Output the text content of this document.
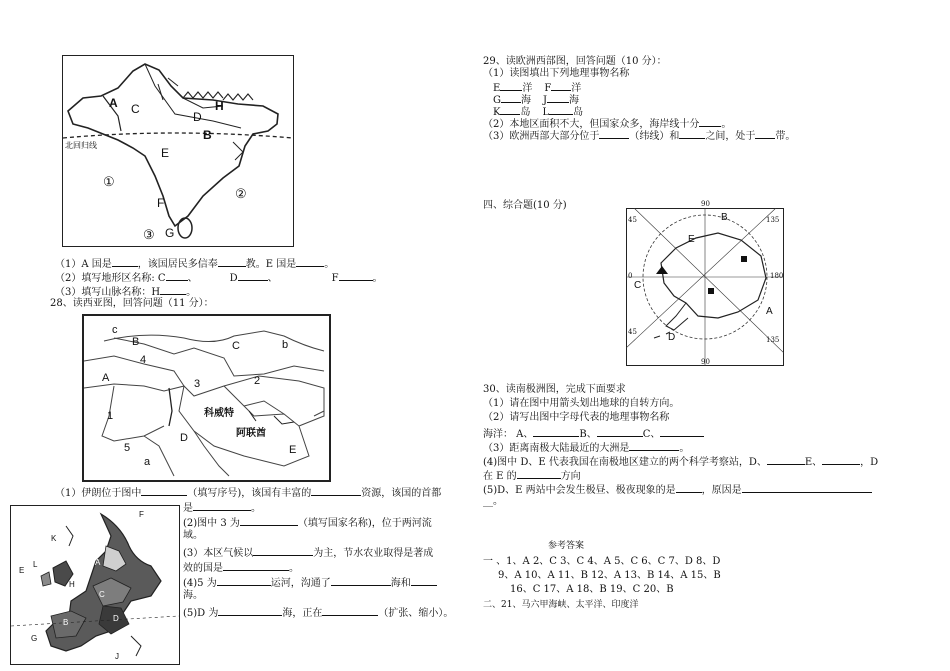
A C
D
H
B
E
北回归线
①
②
F
③ G
（1）A 国是	，该国居民多信奉	教。E 国是	。
（2）填写地形区名称: C 、	D	、	F	。
（3）填写山脉名称：H	。
28、读西亚图，回答问题（11 分）：
c
B	C	b
4
A	3	2
科威特
1
阿联酋
D
5	E
a
（1）伊朗位于图中	（填写序号)，该国有丰富的	资源，该国的首都
是	。
(2)图中 3 为	（填写国家名称)，位于两河流
域。
(3）本区气候以	为主，节水农业取得是著成
效的国是	。
(4)5 为	运河，沟通了	海和
海。
(5)D 为	海，正在	（扩张、缩小）。
F
K
E
L	A
H
C
B	D
G
J
29、读欧洲西部图，回答问题（10 分）：
（1）读图填出下列地理事物名称
E 洋 F 洋
G 海 J 海
K 岛 L 岛
（2）本地区面积不大，但国家众多，海岸线十分 。
（3）欧洲西部大部分位于	（纬线）和	之间，处于 带。
四、综合题(10 分)	90
135
45
0	180
45
90
135
B
E
C
A
D
30、读南极洲图，完成下面要求
（1）请在图中用箭头划出地球的自转方向。
（2）请写出图中字母代表的地理事物名称
海洋： A、	B、	C、
（3）距离南极大陆最近的大洲是	。
(4)图中 D、E 代表我国在南极地区建立的两个科学考察站，D、	E、	，D
在 E 的	方向
(5)D、E 两站中会发生极昼、极夜现象的是	，原因是
__。
参考答案
一 、1、A 2、C 3、C 4、A 5、C 6、C 7、D 8、D
9、A 10、A 11、B 12、A 13、B 14、A 15、B
16、C 17、A 18、B 19、C 20、B
二、21、马六甲海峡、太平洋、印度洋
